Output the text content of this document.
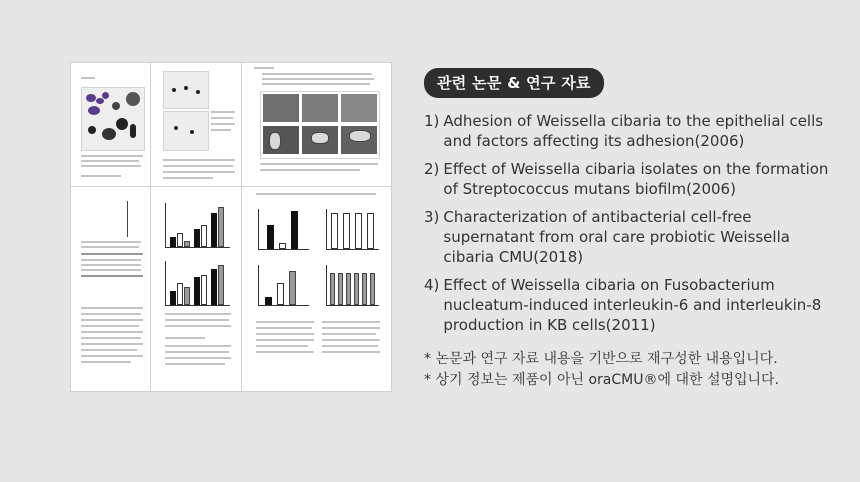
관련 논문 & 연구 자료
1) Adhesion of Weissella cibaria to the epithelial cells and factors affecting its adhesion(2006)
2) Effect of Weissella cibaria isolates on the formation of Streptococcus mutans biofilm(2006)
3) Characterization of antibacterial cell-free supernatant from oral care probiotic Weissella cibaria CMU(2018)
4) Effect of Weissella cibaria on Fusobacterium nucleatum-induced interleukin-6 and interleukin-8 production in KB cells(2011)
* 논문과 연구 자료 내용을 기반으로 재구성한 내용입니다.
* 상기 정보는 제품이 아닌 oraCMU®에 대한 설명입니다.
